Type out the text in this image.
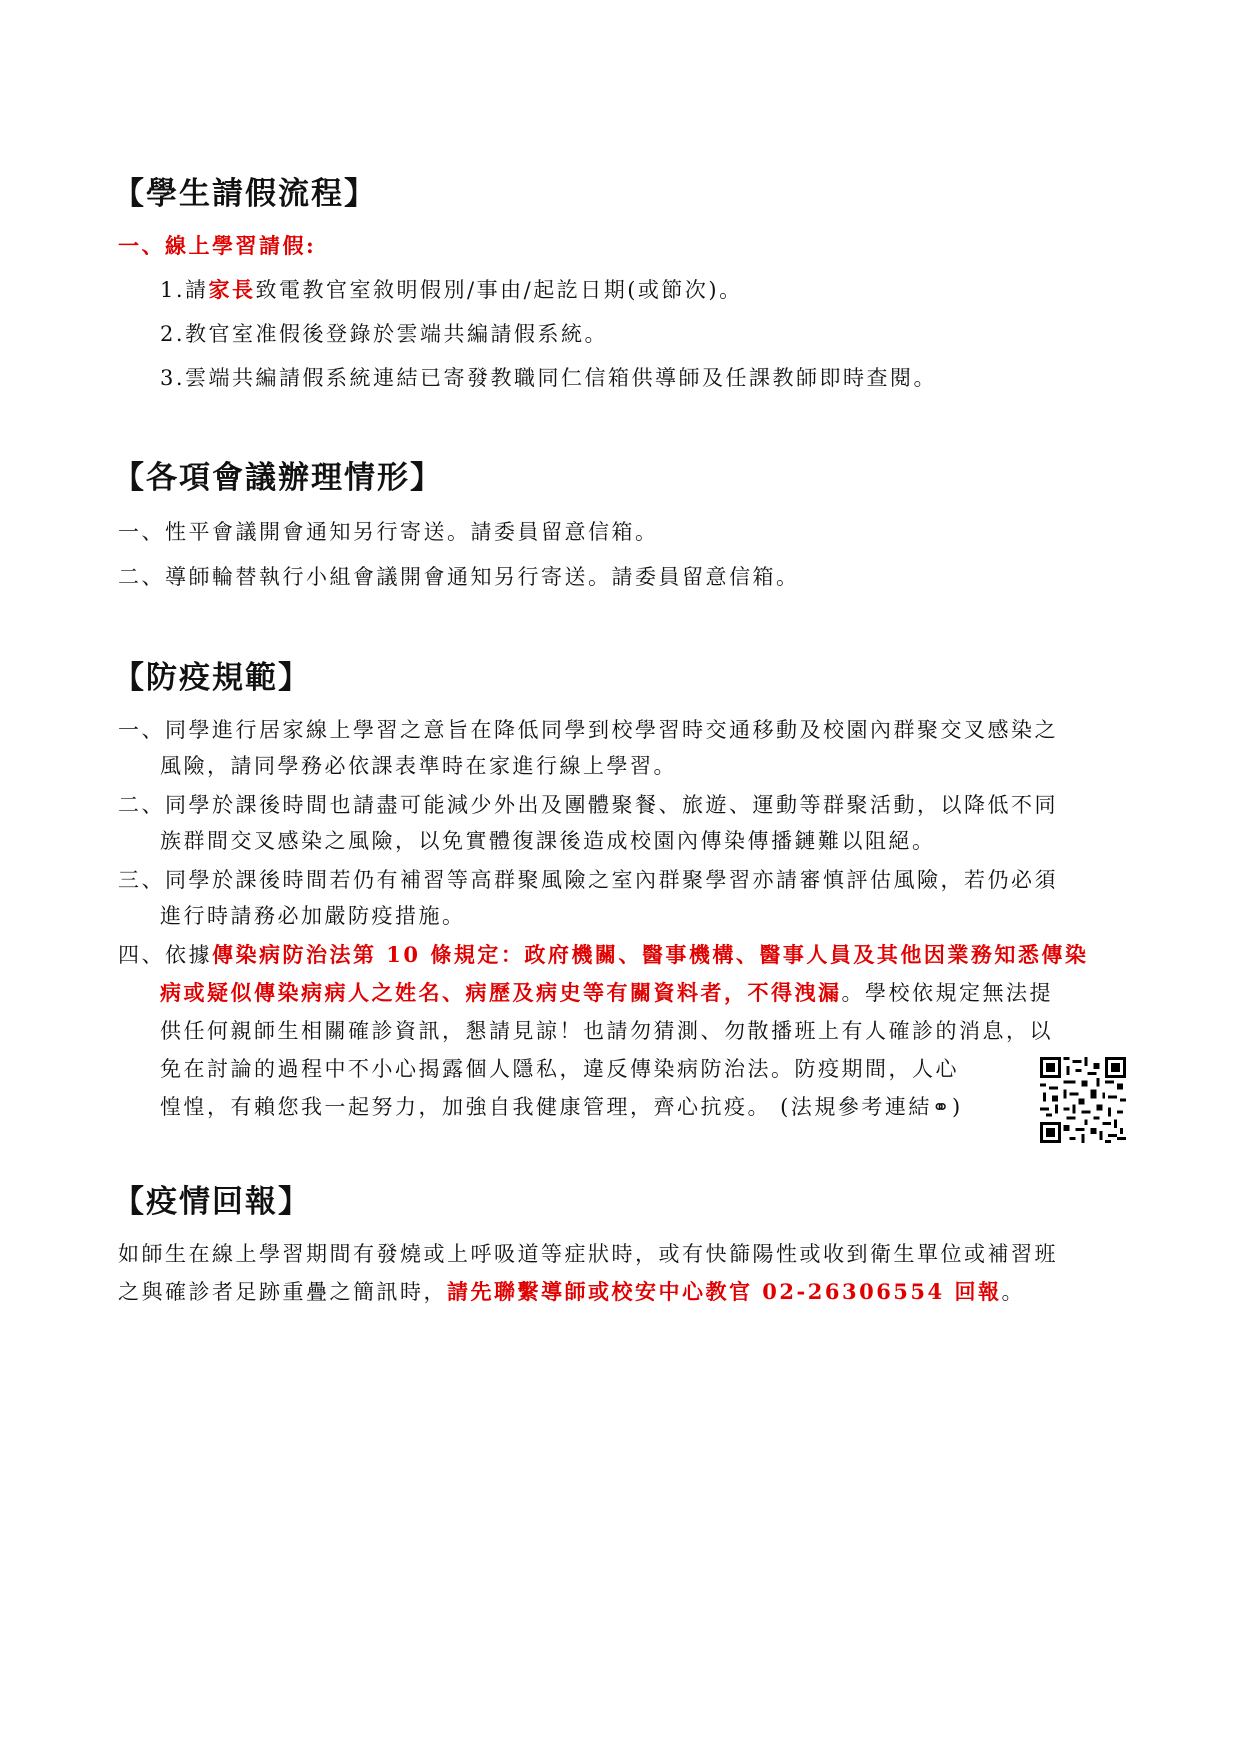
【學生請假流程】
一、線上學習請假:
1.請家長致電教官室敘明假別/事由/起訖日期(或節次)。
2.教官室准假後登錄於雲端共編請假系統。
3.雲端共編請假系統連結已寄發教職同仁信箱供導師及任課教師即時查閱。
【各項會議辦理情形】
一、性平會議開會通知另行寄送。請委員留意信箱。
二、導師輪替執行小組會議開會通知另行寄送。請委員留意信箱。
【防疫規範】
一、同學進行居家線上學習之意旨在降低同學到校學習時交通移動及校園內群聚交叉感染之
風險，請同學務必依課表準時在家進行線上學習。
二、同學於課後時間也請盡可能減少外出及團體聚餐、旅遊、運動等群聚活動，以降低不同
族群間交叉感染之風險，以免實體復課後造成校園內傳染傳播鏈難以阻絕。
三、同學於課後時間若仍有補習等高群聚風險之室內群聚學習亦請審慎評估風險，若仍必須
進行時請務必加嚴防疫措施。
四、依據傳染病防治法第 10 條規定：政府機關、醫事機構、醫事人員及其他因業務知悉傳染
病或疑似傳染病病人之姓名、病歷及病史等有關資料者，不得洩漏。學校依規定無法提
供任何親師生相關確診資訊，懇請見諒！也請勿猜測、勿散播班上有人確診的消息，以
免在討論的過程中不小心揭露個人隱私，違反傳染病防治法。防疫期間，人心
惶惶，有賴您我一起努力，加強自我健康管理，齊心抗疫。 (法規參考連結⚭)
【疫情回報】
如師生在線上學習期間有發燒或上呼吸道等症狀時，或有快篩陽性或收到衛生單位或補習班
之與確診者足跡重疊之簡訊時，請先聯繫導師或校安中心教官 02-26306554 回報。
